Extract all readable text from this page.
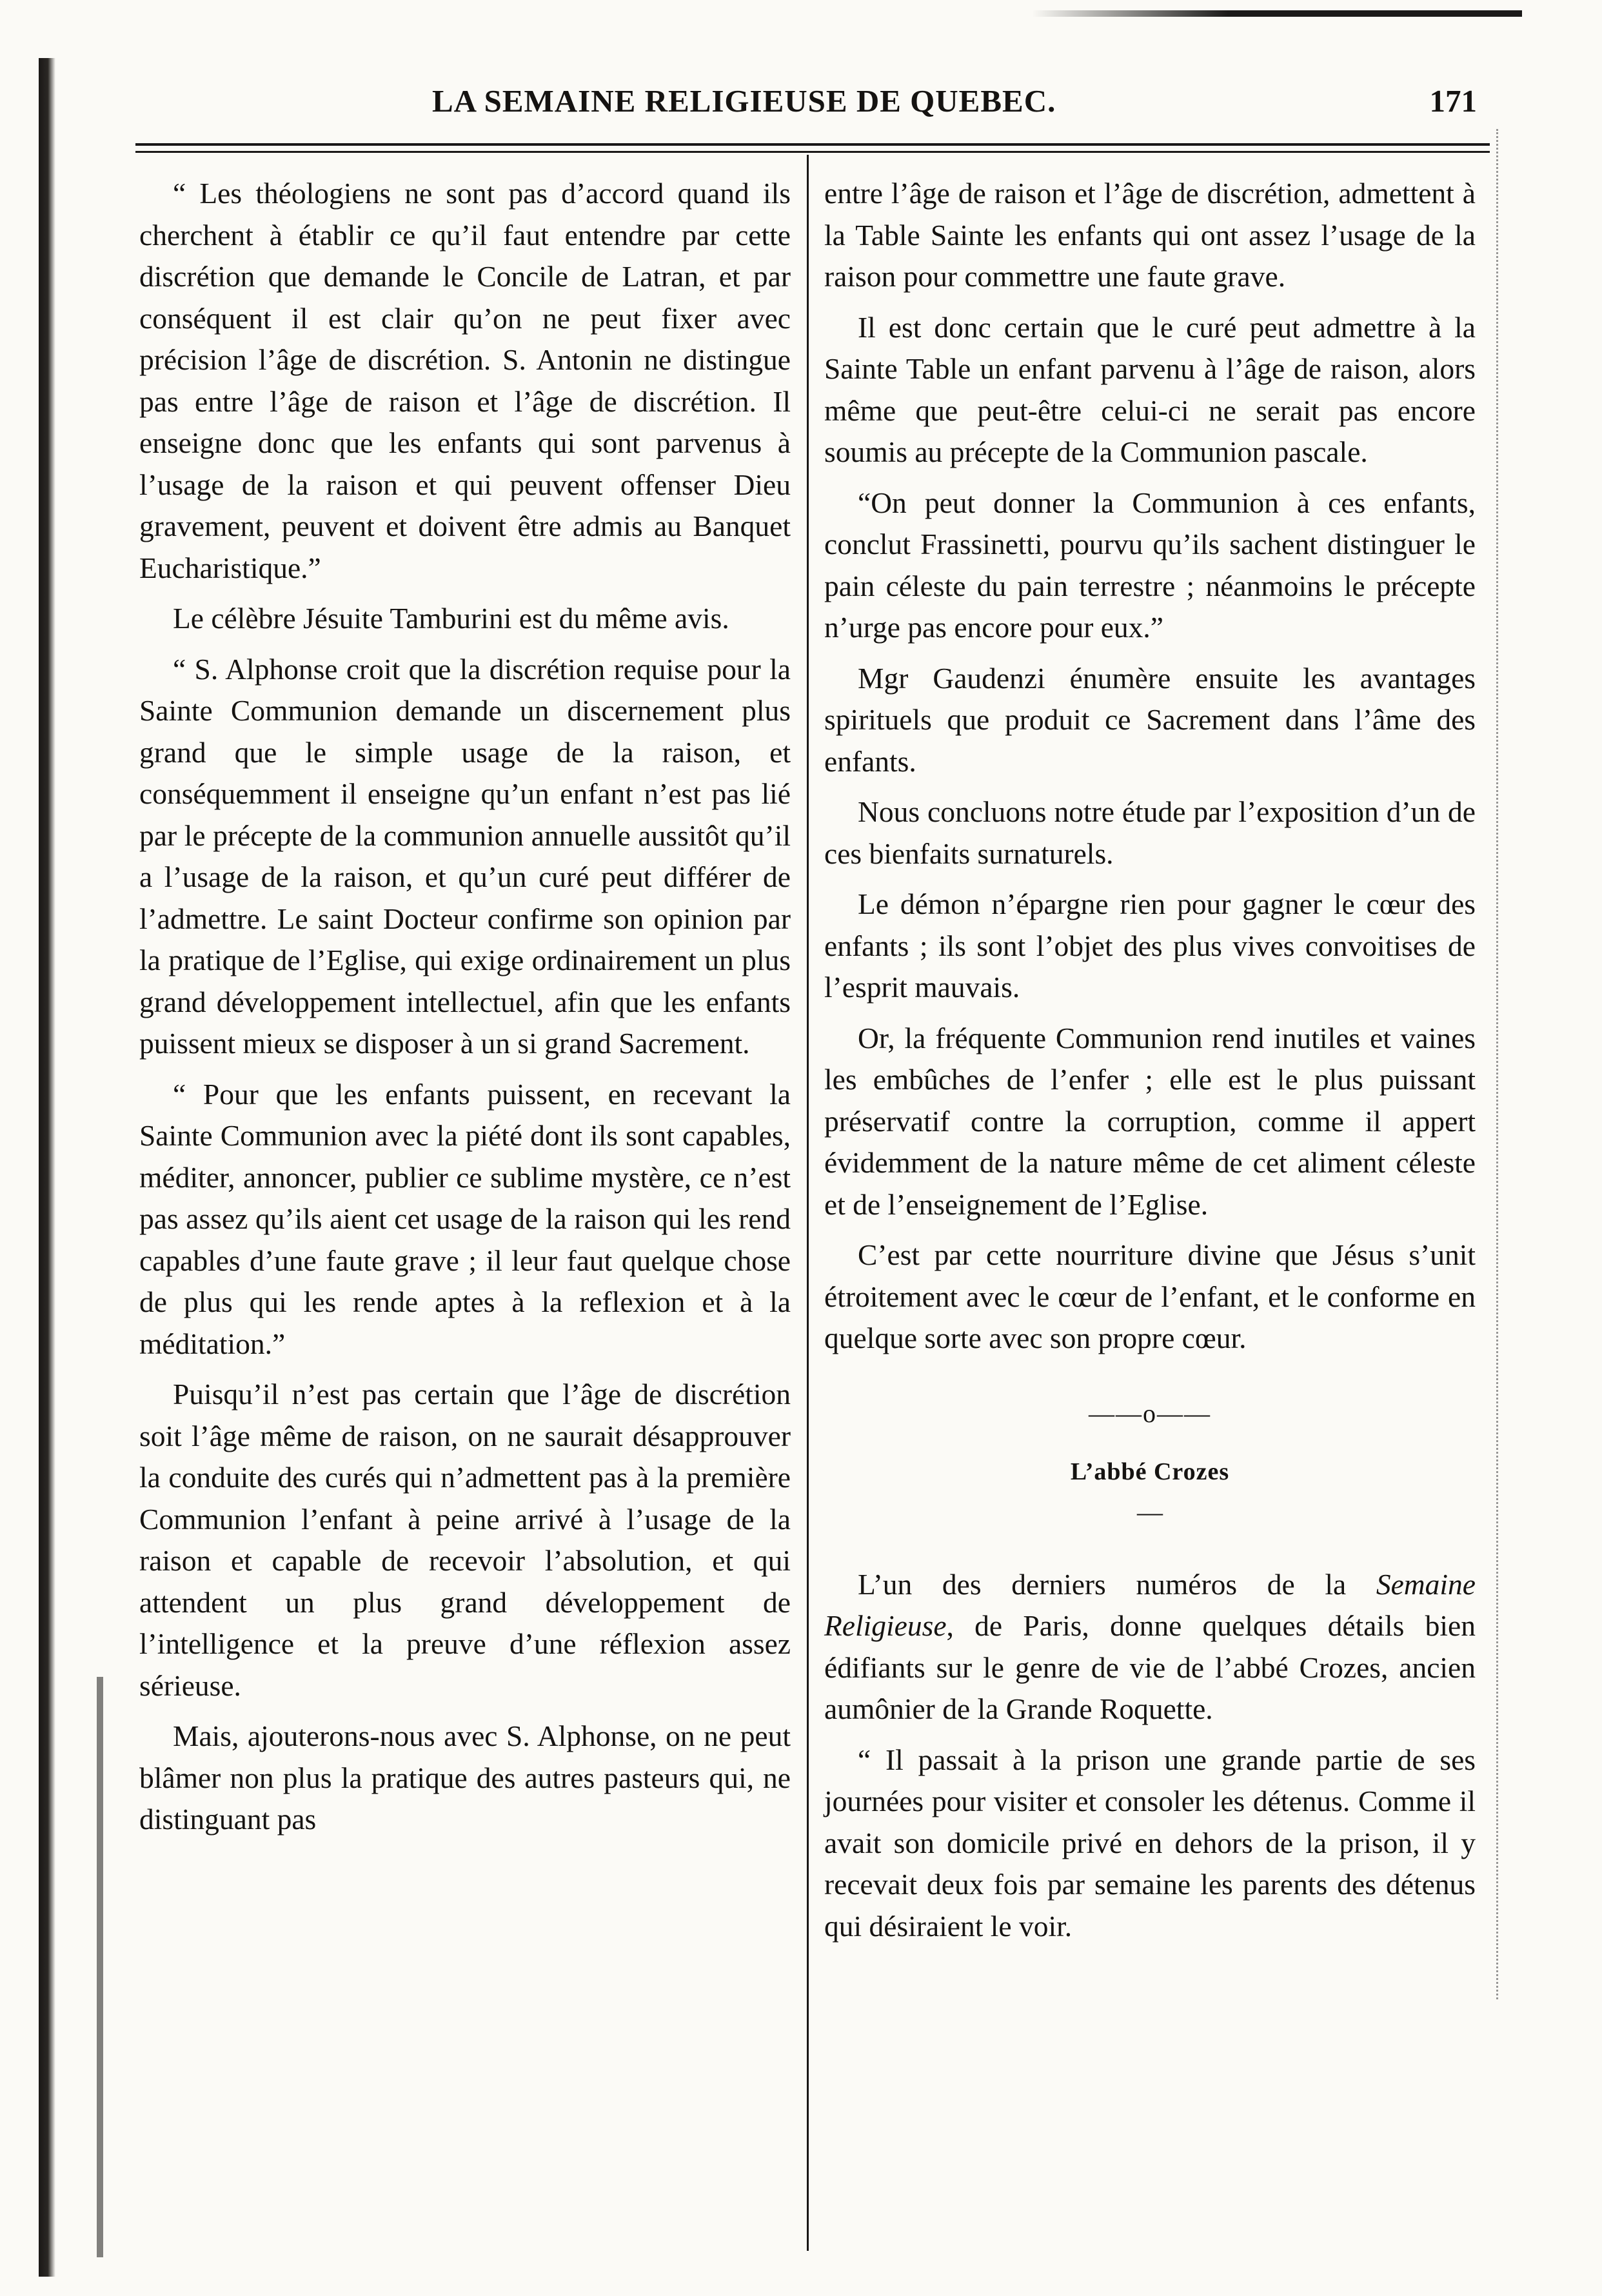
LA SEMAINE RELIGIEUSE DE QUEBEC.	171

“ Les théologiens ne sont pas d’accord quand ils cherchent à établir ce qu’il faut entendre par cette discrétion que demande le Concile de Latran, et par conséquent il est clair qu’on ne peut fixer avec précision l’âge de discrétion. S. Antonin ne distingue pas entre l’âge de raison et l’âge de discrétion. Il enseigne donc que les enfants qui sont parvenus à l’usage de la raison et qui peuvent offenser Dieu gravement, peuvent et doivent être admis au Banquet Eucharistique.”

Le célèbre Jésuite Tamburini est du même avis.

“ S. Alphonse croit que la discrétion requise pour la Sainte Communion demande un discernement plus grand que le simple usage de la raison, et conséquemment il enseigne qu’un enfant n’est pas lié par le précepte de la communion annuelle aussitôt qu’il a l’usage de la raison, et qu’un curé peut différer de l’admettre. Le saint Docteur confirme son opinion par la pratique de l’Eglise, qui exige ordinairement un plus grand développement intellectuel, afin que les enfants puissent mieux se disposer à un si grand Sacrement.

“ Pour que les enfants puissent, en recevant la Sainte Communion avec la piété dont ils sont capables, méditer, annoncer, publier ce sublime mystère, ce n’est pas assez qu’ils aient cet usage de la raison qui les rend capables d’une faute grave ; il leur faut quelque chose de plus qui les rende aptes à la reflexion et à la méditation.”

Puisqu’il n’est pas certain que l’âge de discrétion soit l’âge même de raison, on ne saurait désapprouver la conduite des curés qui n’admettent pas à la première Communion l’enfant à peine arrivé à l’usage de la raison et capable de recevoir l’absolution, et qui attendent un plus grand développement de l’intelligence et la preuve d’une réflexion assez sérieuse.

Mais, ajouterons-nous avec S. Alphonse, on ne peut blâmer non plus la pratique des autres pasteurs qui, ne distinguant pas

entre l’âge de raison et l’âge de discrétion, admettent à la Table Sainte les enfants qui ont assez l’usage de la raison pour commettre une faute grave.

Il est donc certain que le curé peut admettre à la Sainte Table un enfant parvenu à l’âge de raison, alors même que peut-être celui-ci ne serait pas encore soumis au précepte de la Communion pascale.

“On peut donner la Communion à ces enfants, conclut Frassinetti, pourvu qu’ils sachent distinguer le pain céleste du pain terrestre ; néanmoins le précepte n’urge pas encore pour eux.”

Mgr Gaudenzi énumère ensuite les avantages spirituels que produit ce Sacrement dans l’âme des enfants.

Nous concluons notre étude par l’exposition d’un de ces bienfaits surnaturels.

Le démon n’épargne rien pour gagner le cœur des enfants ; ils sont l’objet des plus vives convoitises de l’esprit mauvais.

Or, la fréquente Communion rend inutiles et vaines les embûches de l’enfer ; elle est le plus puissant préservatif contre la corruption, comme il appert évidemment de la nature même de cet aliment céleste et de l’enseignement de l’Eglise.

C’est par cette nourriture divine que Jésus s’unit étroitement avec le cœur de l’enfant, et le conforme en quelque sorte avec son propre cœur.

——o——
L’abbé Crozes
—

L’un des derniers numéros de la Semaine Religieuse, de Paris, donne quelques détails bien édifiants sur le genre de vie de l’abbé Crozes, ancien aumônier de la Grande Roquette.

“ Il passait à la prison une grande partie de ses journées pour visiter et consoler les détenus. Comme il avait son domicile privé en dehors de la prison, il y recevait deux fois par semaine les parents des détenus qui désiraient le voir.
